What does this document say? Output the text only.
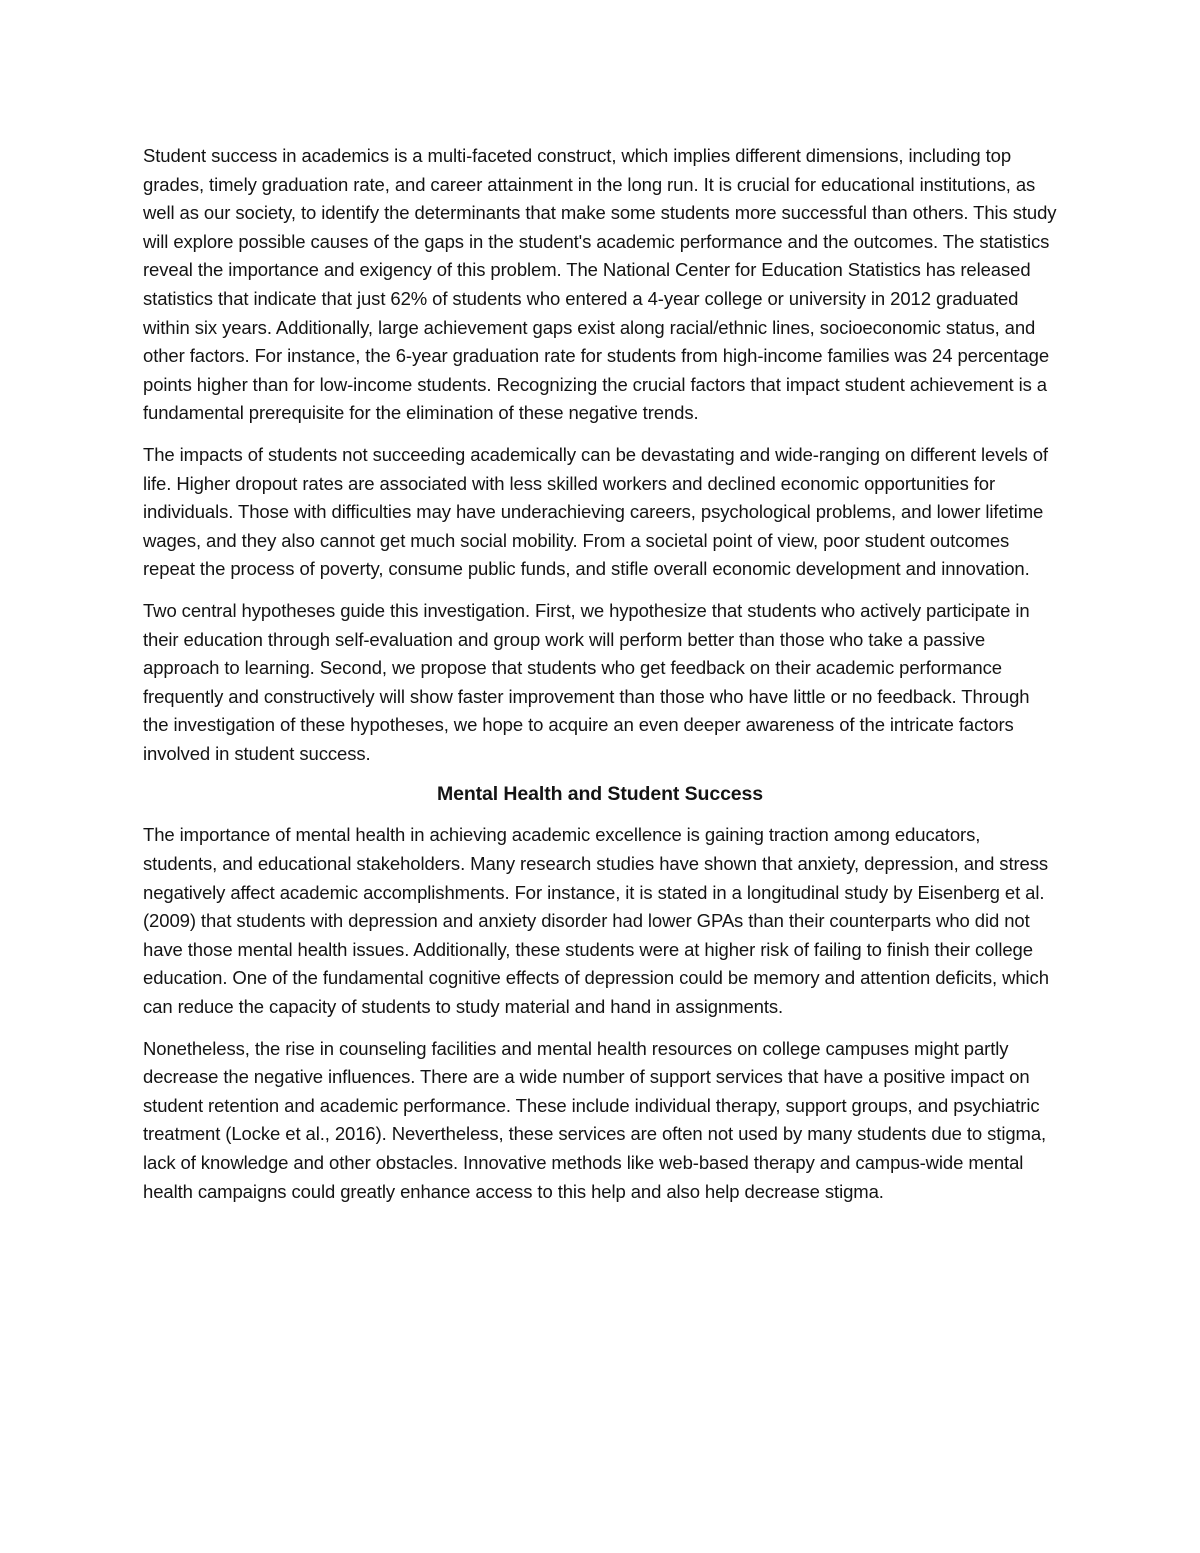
Student success in academics is a multi-faceted construct, which implies different dimensions, including top grades, timely graduation rate, and career attainment in the long run. It is crucial for educational institutions, as well as our society, to identify the determinants that make some students more successful than others. This study will explore possible causes of the gaps in the student's academic performance and the outcomes. The statistics reveal the importance and exigency of this problem. The National Center for Education Statistics has released statistics that indicate that just 62% of students who entered a 4-year college or university in 2012 graduated within six years. Additionally, large achievement gaps exist along racial/ethnic lines, socioeconomic status, and other factors. For instance, the 6-year graduation rate for students from high-income families was 24 percentage points higher than for low-income students. Recognizing the crucial factors that impact student achievement is a fundamental prerequisite for the elimination of these negative trends.

The impacts of students not succeeding academically can be devastating and wide-ranging on different levels of life. Higher dropout rates are associated with less skilled workers and declined economic opportunities for individuals. Those with difficulties may have underachieving careers, psychological problems, and lower lifetime wages, and they also cannot get much social mobility. From a societal point of view, poor student outcomes repeat the process of poverty, consume public funds, and stifle overall economic development and innovation.

Two central hypotheses guide this investigation. First, we hypothesize that students who actively participate in their education through self-evaluation and group work will perform better than those who take a passive approach to learning. Second, we propose that students who get feedback on their academic performance frequently and constructively will show faster improvement than those who have little or no feedback. Through the investigation of these hypotheses, we hope to acquire an even deeper awareness of the intricate factors involved in student success.

Mental Health and Student Success

The importance of mental health in achieving academic excellence is gaining traction among educators, students, and educational stakeholders. Many research studies have shown that anxiety, depression, and stress negatively affect academic accomplishments. For instance, it is stated in a longitudinal study by Eisenberg et al. (2009) that students with depression and anxiety disorder had lower GPAs than their counterparts who did not have those mental health issues. Additionally, these students were at higher risk of failing to finish their college education. One of the fundamental cognitive effects of depression could be memory and attention deficits, which can reduce the capacity of students to study material and hand in assignments.

Nonetheless, the rise in counseling facilities and mental health resources on college campuses might partly decrease the negative influences. There are a wide number of support services that have a positive impact on student retention and academic performance. These include individual therapy, support groups, and psychiatric treatment (Locke et al., 2016). Nevertheless, these services are often not used by many students due to stigma, lack of knowledge and other obstacles. Innovative methods like web-based therapy and campus-wide mental health campaigns could greatly enhance access to this help and also help decrease stigma.
